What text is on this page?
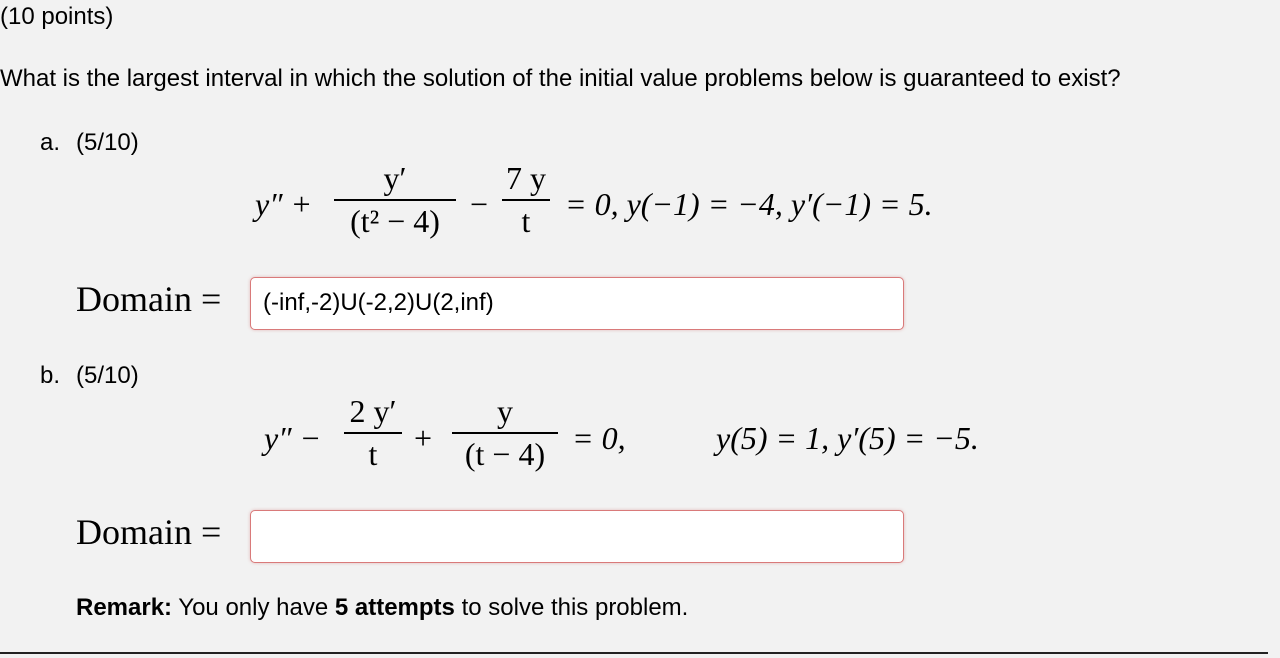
(10 points)
What is the largest interval in which the solution of the initial value problems below is guaranteed to exist?
a. (5/10)
y″ +
y′
(t² − 4) −
7 y
t	= 0, y(−1) = −4, y′(−1) = 5.
Domain =	(-inf,-2)U(-2,2)U(2,inf)
b. (5/10)
y″ −
2 y′
t	+
y
(t − 4) = 0,	y(5) = 1, y′(5) = −5.
Domain =
Remark: You only have 5 attempts to solve this problem.
